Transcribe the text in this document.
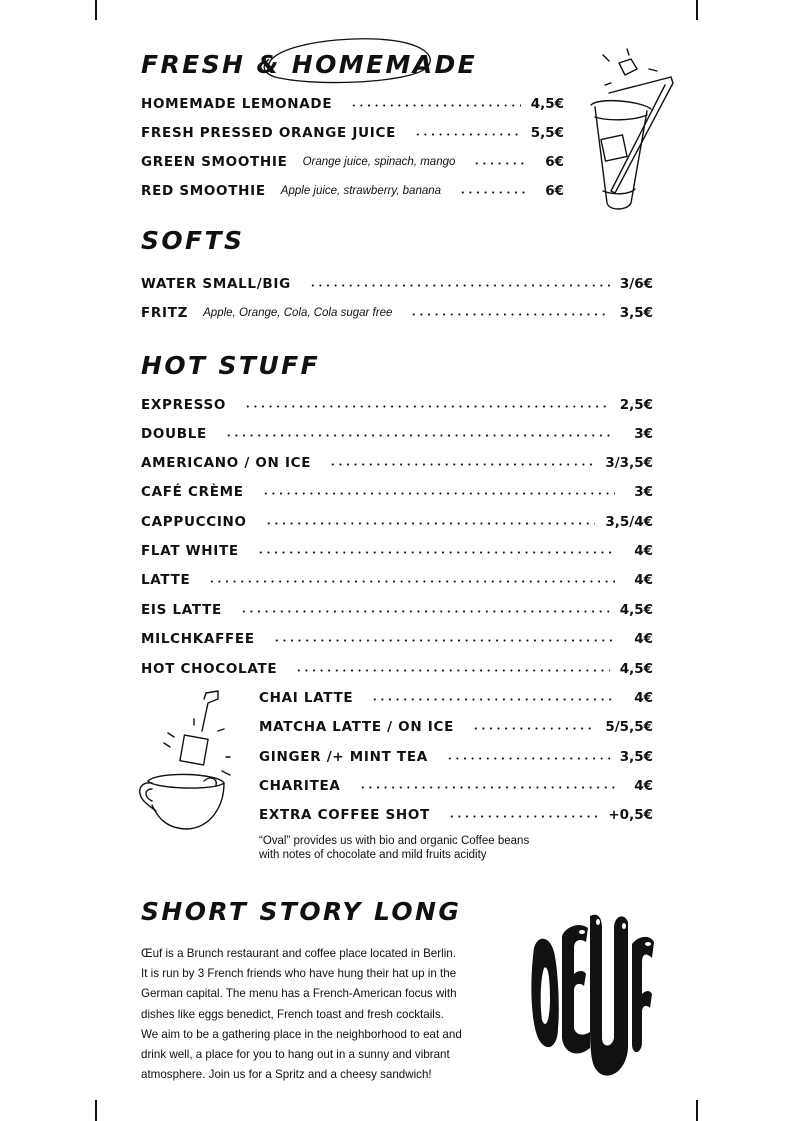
FRESH & HOMEMADE
HOMEMADE LEMONADE	4,5€
FRESH PRESSED ORANGE JUICE	5,5€
GREEN SMOOTHIE Orange juice, spinach, mango	6€
RED SMOOTHIE Apple juice, strawberry, banana	6€
SOFTS
WATER SMALL/BIG	3/6€
FRITZ Apple, Orange, Cola, Cola sugar free	3,5€
HOT STUFF
EXPRESSO	2,5€
DOUBLE	3€
AMERICANO / ON ICE	3/3,5€
CAFÉ CRÈME	3€
CAPPUCCINO	3,5/4€
FLAT WHITE	4€
LATTE	4€
EIS LATTE	4,5€
MILCHKAFFEE	4€
HOT CHOCOLATE	4,5€
CHAI LATTE	4€
MATCHA LATTE / ON ICE	5/5,5€
GINGER /+ MINT TEA	3,5€
CHARITEA	4€
EXTRA COFFEE SHOT	+0,5€
“Oval” provides us with bio and organic Coffee beans
with notes of chocolate and mild fruits acidity
SHORT STORY LONG
Œuf is a Brunch restaurant and coffee place located in Berlin.
It is run by 3 French friends who have hung their hat up in the
German capital. The menu has a French-American focus with
dishes like eggs benedict, French toast and fresh cocktails.
We aim to be a gathering place in the neighborhood to eat and
drink well, a place for you to hang out in a sunny and vibrant
atmosphere. Join us for a Spritz and a cheesy sandwich!
